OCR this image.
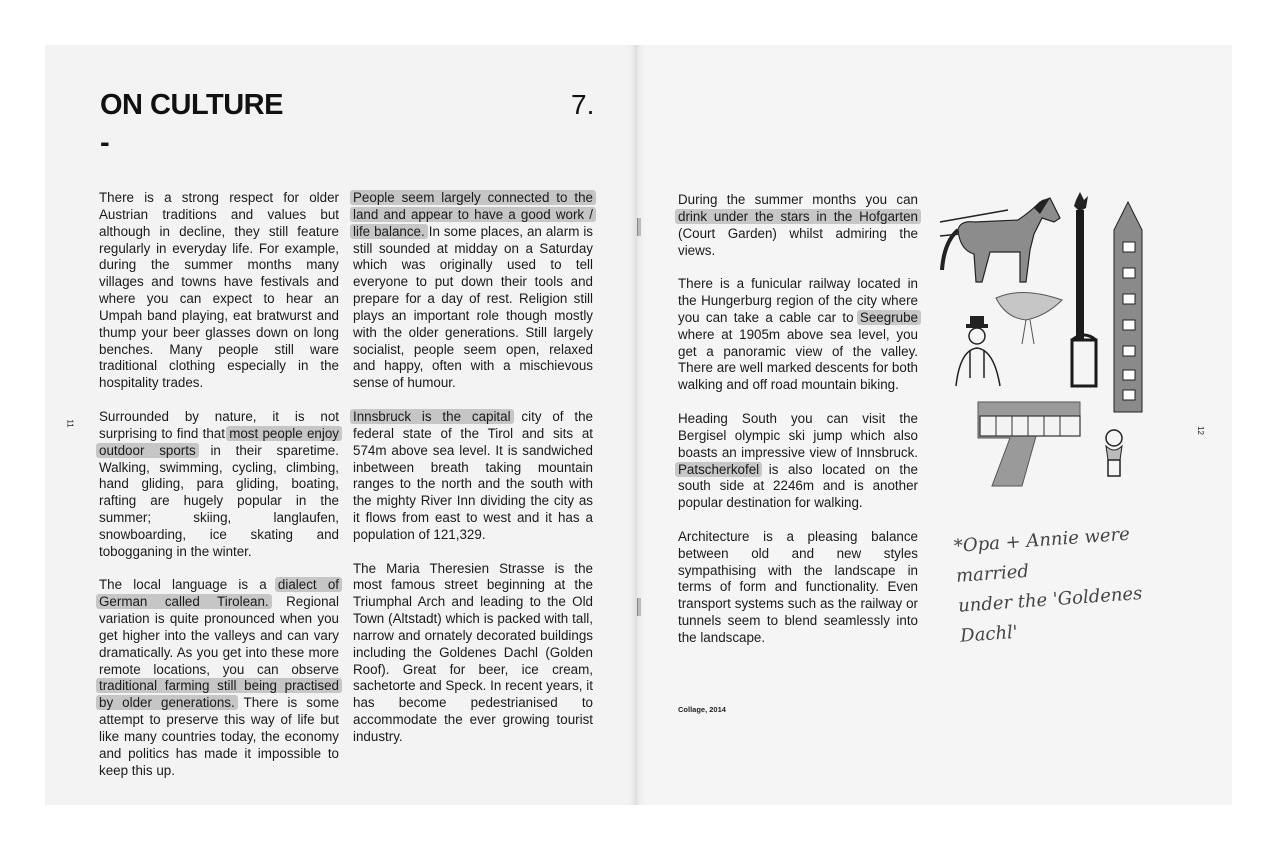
ON CULTURE
-
7.
11
12

There is a strong respect for older Austrian traditions and values but although in decline, they still feature regularly in everyday life. For example, during the summer months many villages and towns have festivals and where you can expect to hear an Umpah band playing, eat bratwurst and thump your beer glasses down on long benches. Many people still ware traditional clothing especially in the hospitality trades.

Surrounded by nature, it is not surprising to find that most people enjoy outdoor sports in their sparetime. Walking, swimming, cycling, climbing, hand gliding, para gliding, boating, rafting are hugely popular in the summer; skiing, langlaufen, snowboarding, ice skating and tobogganing in the winter.

The local language is a dialect of German called Tirolean. Regional variation is quite pronounced when you get higher into the valleys and can vary dramatically. As you get into these more remote locations, you can observe traditional farming still being practised by older generations. There is some attempt to preserve this way of life but like many countries today, the economy and politics has made it impossible to keep this up.

People seem largely connected to the land and appear to have a good work / life balance. In some places, an alarm is still sounded at midday on a Saturday which was originally used to tell everyone to put down their tools and prepare for a day of rest. Religion still plays an important role though mostly with the older generations. Still largely socialist, people seem open, relaxed and happy, often with a mischievous sense of humour.

Innsbruck is the capital city of the federal state of the Tirol and sits at 574m above sea level. It is sandwiched inbetween breath taking mountain ranges to the north and the south with the mighty River Inn dividing the city as it flows from east to west and it has a population of 121,329.

The Maria Theresien Strasse is the most famous street beginning at the Triumphal Arch and leading to the Old Town (Altstadt) which is packed with tall, narrow and ornately decorated buildings including the Goldenes Dachl (Golden Roof). Great for beer, ice cream, sachetorte and Speck. In recent years, it has become pedestrianised to accommodate the ever growing tourist industry.

During the summer months you can drink under the stars in the Hofgarten (Court Garden) whilst admiring the views.

There is a funicular railway located in the Hungerburg region of the city where you can take a cable car to Seegrube where at 1905m above sea level, you get a panoramic view of the valley. There are well marked descents for both walking and off road mountain biking.

Heading South you can visit the Bergisel olympic ski jump which also boasts an impressive view of Innsbruck. Patscherkofel is also located on the south side at 2246m and is another popular destination for walking.

Architecture is a pleasing balance between old and new styles sympathising with the landscape in terms of form and functionality. Even transport systems such as the railway or tunnels seem to blend seamlessly into the landscape.

Collage, 2014
*Opa + Annie were married
under the 'Goldenes Dachl'
